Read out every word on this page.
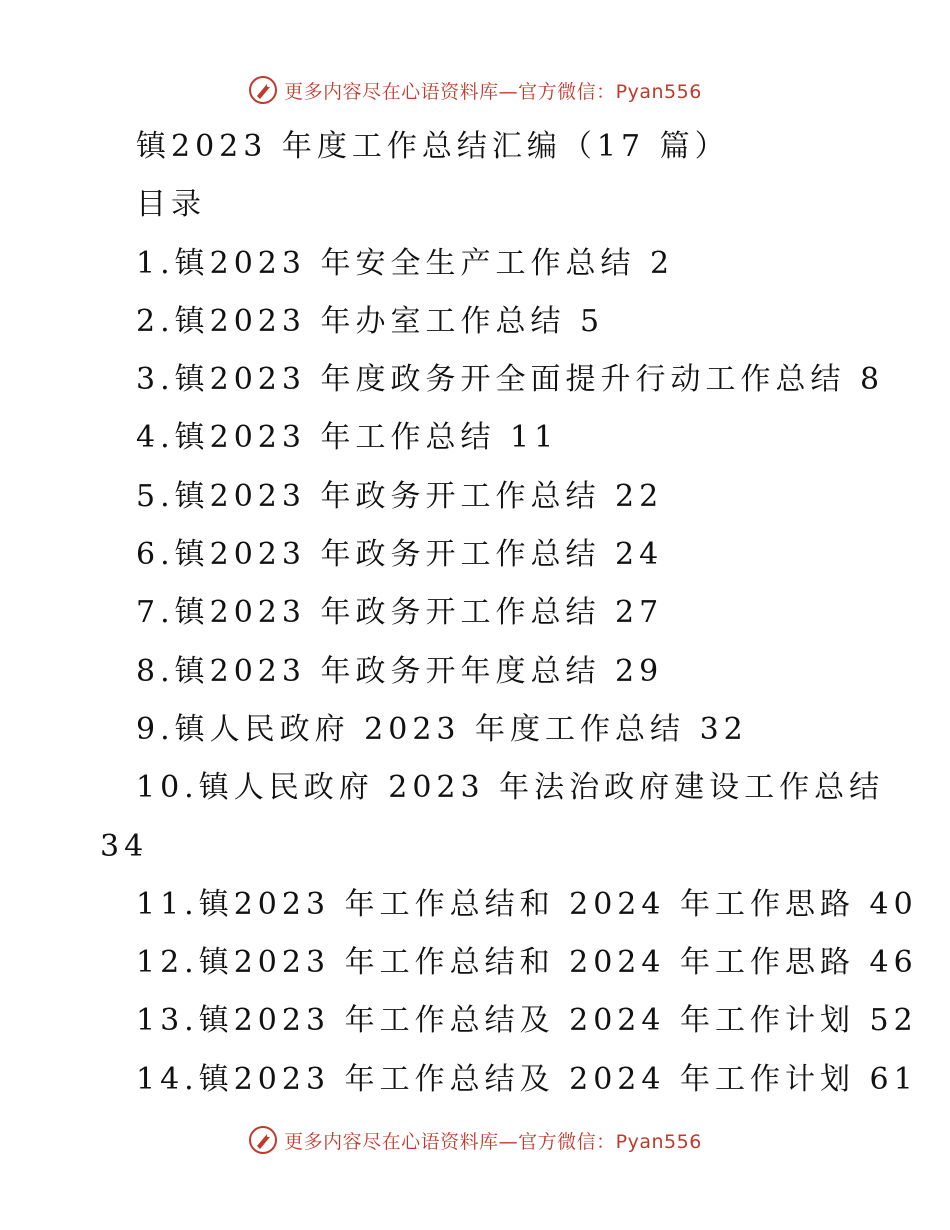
更多内容尽在心语资料库—官方微信：Pyan556
镇2023 年度工作总结汇编（17 篇）
目录
1.镇2023 年安全生产工作总结 2
2.镇2023 年办室工作总结 5
3.镇2023 年度政务开全面提升行动工作总结 8
4.镇2023 年工作总结 11
5.镇2023 年政务开工作总结 22
6.镇2023 年政务开工作总结 24
7.镇2023 年政务开工作总结 27
8.镇2023 年政务开年度总结 29
9.镇人民政府 2023 年度工作总结 32
10.镇人民政府 2023 年法治政府建设工作总结
34
11.镇2023 年工作总结和 2024 年工作思路 40
12.镇2023 年工作总结和 2024 年工作思路 46
13.镇2023 年工作总结及 2024 年工作计划 52
14.镇2023 年工作总结及 2024 年工作计划 61
更多内容尽在心语资料库—官方微信：Pyan556
